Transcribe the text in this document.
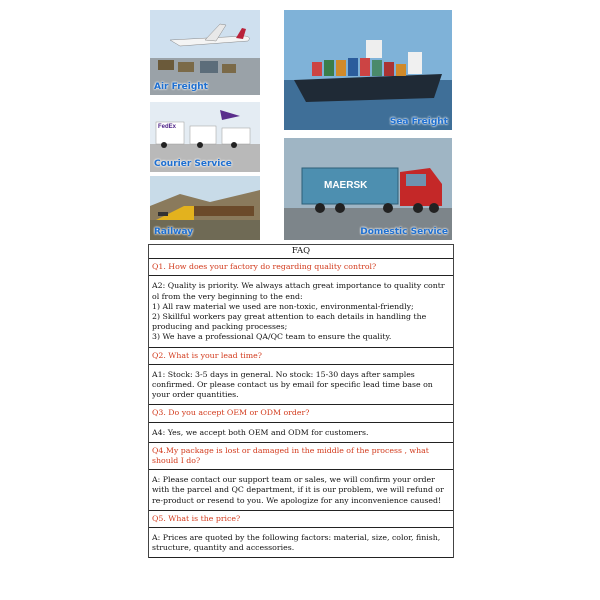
Air Freight
Sea Freight
FedEx
Courier Service
Railway
MAERSK
Domestic Service
FAQ
Q1. How does your factory do regarding quality control?

A2: Quality is priority. We always attach great importance to quality contr ol from the very beginning to the end:

1) All raw material we used are non-toxic, environmental-friendly;

2) Skillful workers pay great attention to each details in handling the producing and packing processes;

3) We have a professional QA/QC team to ensure the quality.

Q2. What is your lead time?

A1: Stock: 3-5 days in general. No stock: 15-30 days after samples confirmed. Or please contact us by email for specific lead time base on your order quantities.

Q3. Do you accept OEM or ODM order?

A4: Yes, we accept both OEM and ODM for customers.

Q4.My package is lost or damaged in the middle of the process , what should I do?

A: Please contact our support team or sales, we will confirm your order with the parcel and QC department, if it is our problem, we will refund or re-product or resend to you. We apologize for any inconvenience caused!

Q5. What is the price?

A: Prices are quoted by the following factors: material, size, color, finish, structure, quantity and accessories.
